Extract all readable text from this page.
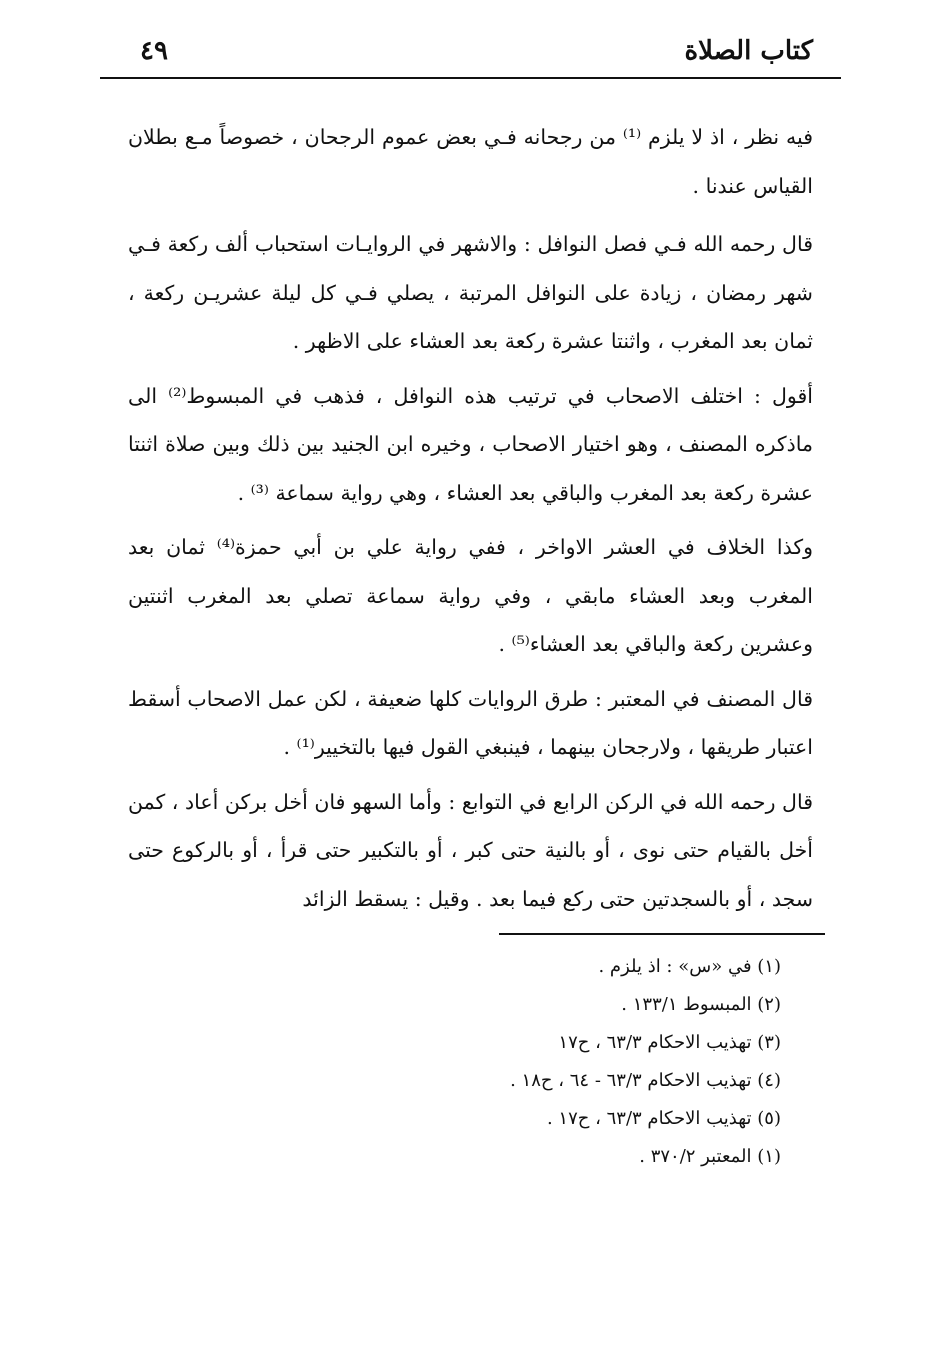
كتاب الصلاة
٤٩

فيه نظر ، اذ لا يلزم ⁽¹⁾ من رجحانه فـي بعض عموم الرجحان ، خصوصاً مـع بطلان القياس عندنا .

قال رحمه الله فـي فصل النوافل : والاشهر في الروايـات استحباب ألف ركعة فـي شهر رمضان ، زيادة على النوافل المرتبة ، يصلي فـي كل ليلة عشريـن ركعة ، ثمان بعد المغرب ، واثنتا عشرة ركعة بعد العشاء على الاظهر .

أقول : اختلف الاصحاب في ترتيب هذه النوافل ، فذهب في المبسوط⁽²⁾ الى ماذكره المصنف ، وهو اختيار الاصحاب ، وخيره ابن الجنيد بين ذلك وبين صلاة اثنتا عشرة ركعة بعد المغرب والباقي بعد العشاء ، وهي رواية سماعة ⁽³⁾ .

وكذا الخلاف في العشر الاواخر ، ففي رواية علي بن أبي حمزة⁽⁴⁾ ثمان بعد المغرب وبعد العشاء مابقي ، وفي رواية سماعة تصلي بعد المغرب اثنتين وعشرين ركعة والباقي بعد العشاء⁽⁵⁾ .

قال المصنف في المعتبر : طرق الروايات كلها ضعيفة ، لكن عمل الاصحاب أسقط اعتبار طريقها ، ولارجحان بينهما ، فينبغي القول فيها بالتخيير⁽¹⁾ .

قال رحمه الله في الركن الرابع في التوابع : وأما السهو فان أخل بركن أعاد ، كمن أخل بالقيام حتى نوى ، أو بالنية حتى كبر ، أو بالتكبير حتى قرأ ، أو بالركوع حتى سجد ، أو بالسجدتين حتى ركع فيما بعد . وقيل : يسقط الزائد

(١) في «س» : اذ يلزم .

(٢) المبسوط ١٣٣/١ .

(٣) تهذيب الاحكام ٦٣/٣ ، ح١٧

(٤) تهذيب الاحكام ٦٣/٣ - ٦٤ ، ح١٨ .

(٥) تهذيب الاحكام ٦٣/٣ ، ح١٧ .

(١) المعتبر ٣٧٠/٢ .
